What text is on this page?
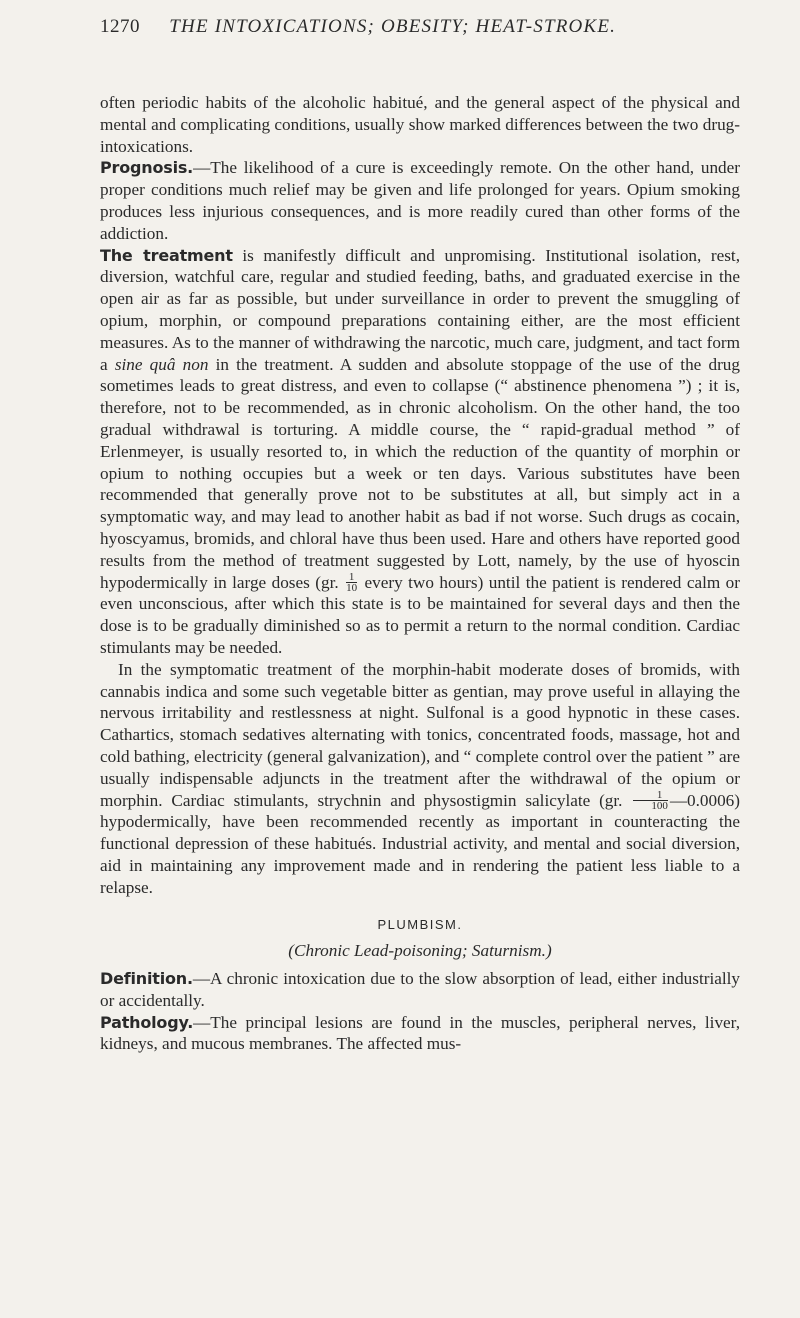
1270 THE INTOXICATIONS; OBESITY; HEAT-STROKE.

often periodic habits of the alcoholic habitué, and the general aspect of the physical and mental and complicating conditions, usually show marked differences between the two drug-intoxications.

Prognosis.—The likelihood of a cure is exceedingly remote. On the other hand, under proper conditions much relief may be given and life prolonged for years. Opium smoking produces less injurious consequences, and is more readily cured than other forms of the addiction.
The treatment is manifestly difficult and unpromising. Institutional isolation, rest, diversion, watchful care, regular and studied feeding, baths, and graduated exercise in the open air as far as possible, but under surveillance in order to prevent the smuggling of opium, morphin, or compound preparations containing either, are the most efficient measures. As to the manner of withdrawing the narcotic, much care, judgment, and tact form a sine quâ non in the treatment. A sudden and absolute stoppage of the use of the drug sometimes leads to great distress, and even to collapse (“ abstinence phenomena ”) ; it is, therefore, not to be recommended, as in chronic alcoholism. On the other hand, the too gradual withdrawal is torturing. A middle course, the “ rapid-gradual method ” of Erlenmeyer, is usually resorted to, in which the reduction of the quantity of morphin or opium to nothing occupies but a week or ten days. Various substitutes have been recommended that generally prove not to be substitutes at all, but simply act in a symptomatic way, and may lead to another habit as bad if not worse. Such drugs as cocain, hyoscyamus, bromids, and chloral have thus been used. Hare and others have reported good results from the method of treatment suggested by Lott, namely, by the use of hyoscin hypodermically in large doses (gr. $\frac{1}{10}$ every two hours) until the patient is rendered calm or even unconscious, after which this state is to be maintained for several days and then the dose is to be gradually diminished so as to permit a return to the normal condition. Cardiac stimulants may be needed.

In the symptomatic treatment of the morphin-habit moderate doses of bromids, with cannabis indica and some such vegetable bitter as gentian, may prove useful in allaying the nervous irritability and restlessness at night. Sulfonal is a good hypnotic in these cases. Cathartics, stomach sedatives alternating with tonics, concentrated foods, massage, hot and cold bathing, electricity (general galvanization), and “ complete control over the patient ” are usually indispensable adjuncts in the treatment after the withdrawal of the opium or morphin. Cardiac stimulants, strychnin and physostigmin salicylate (gr. $\frac{1}{100}$ —0.0006) hypodermically, have been recommended recently as important in counteracting the functional depression of these habitués. Industrial activity, and mental and social diversion, aid in maintaining any improvement made and in rendering the patient less liable to a relapse.

PLUMBISM.

(Chronic Lead-poisoning; Saturnism.)

Definition.—A chronic intoxication due to the slow absorption of lead, either industrially or accidentally.

Pathology.—The principal lesions are found in the muscles, peripheral nerves, liver, kidneys, and mucous membranes. The affected mus-
